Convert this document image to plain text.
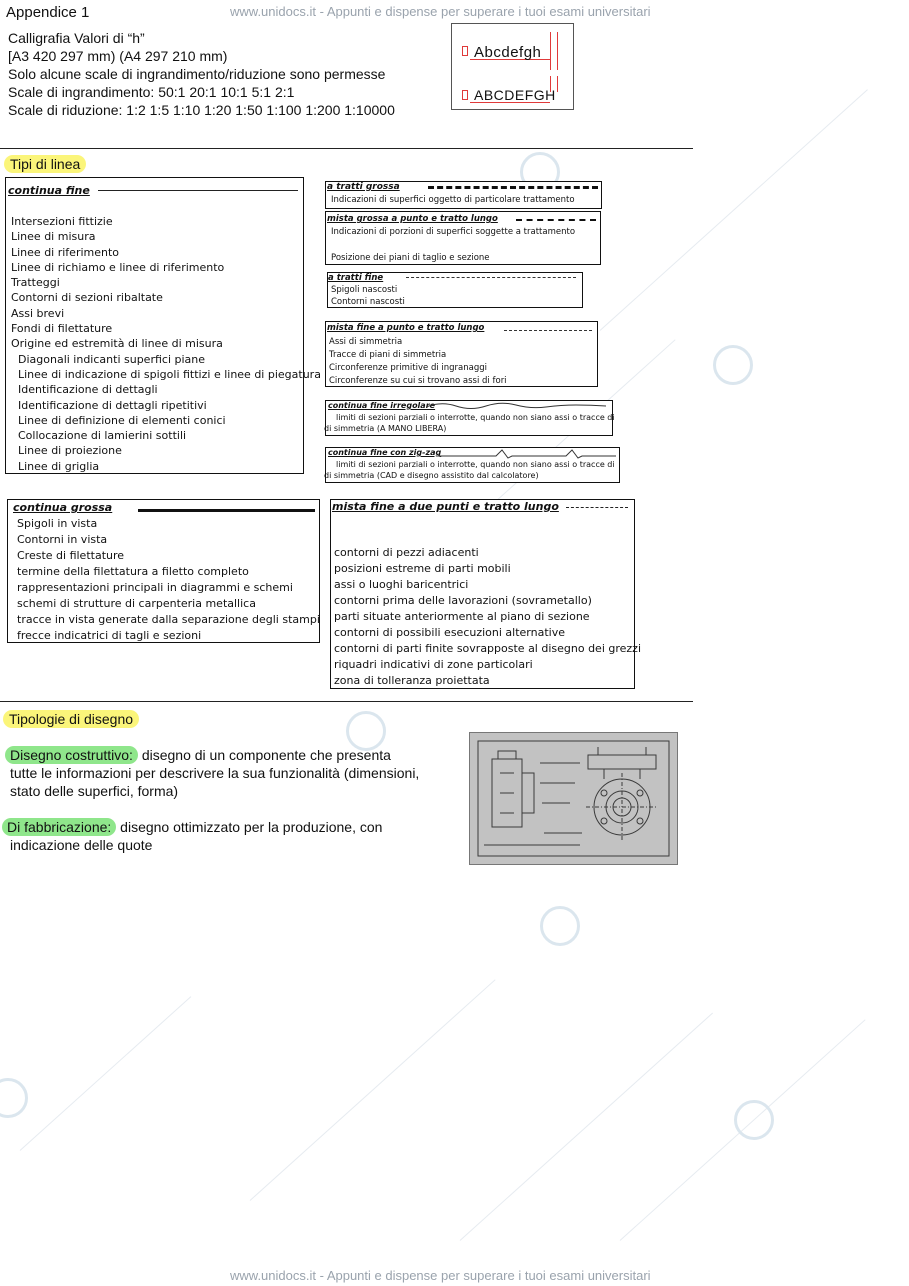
www.unidocs.it - Appunti e dispense per superare i tuoi esami universitari
www.unidocs.it - Appunti e dispense per superare i tuoi esami universitari
Appendice 1
Calligrafia Valori di “h”
[A3 420 297 mm) (A4 297 210 mm)
Solo alcune scale di ingrandimento/riduzione sono permesse
Scale di ingrandimento: 50:1 20:1 10:1 5:1 2:1
Scale di riduzione: 1:2 1:5 1:10 1:20 1:50 1:100 1:200 1:10000
Abcdefgh
ABCDEFGH
Tipi di linea
continua fine
Intersezioni fittizie
Linee di misura
Linee di riferimento
Linee di richiamo e linee di riferimento
Tratteggi
Contorni di sezioni ribaltate
Assi brevi
Fondi di filettature
Origine ed estremità di linee di misura
Diagonali indicanti superfici piane
Linee di indicazione di spigoli fittizi e linee di piegatura
Identificazione di dettagli
Identificazione di dettagli ripetitivi
Linee di definizione di elementi conici
Collocazione di lamierini sottili
Linee di proiezione
Linee di griglia
a tratti grossa
Indicazioni di superfici oggetto di particolare trattamento
mista grossa a punto e tratto lungo
Indicazioni di porzioni di superfici soggette a trattamento
Posizione dei piani di taglio e sezione
a tratti fine
Spigoli nascosti
Contorni nascosti
mista fine a punto e tratto lungo
Assi di simmetria
Tracce di piani di simmetria
Circonferenze primitive di ingranaggi
Circonferenze su cui si trovano assi di fori
continua fine irregolare
limiti di sezioni parziali o interrotte, quando non siano assi o tracce di
di simmetria (A MANO LIBERA)
continua fine con zig-zag
limiti di sezioni parziali o interrotte, quando non siano assi o tracce di
di simmetria (CAD e disegno assistito dal calcolatore)
continua grossa
Spigoli in vista
Contorni in vista
Creste di filettature
termine della filettatura a filetto completo
rappresentazioni principali in diagrammi e schemi
schemi di strutture di carpenteria metallica
tracce in vista generate dalla separazione degli stampi
frecce indicatrici di tagli e sezioni
mista fine a due punti e tratto lungo
contorni di pezzi adiacenti
posizioni estreme di parti mobili
assi o luoghi baricentrici
contorni prima delle lavorazioni (sovrametallo)
parti situate anteriormente al piano di sezione
contorni di possibili esecuzioni alternative
contorni di parti finite sovrapposte al disegno dei grezzi
riquadri indicativi di zone particolari
zona di tolleranza proiettata
Tipologie di disegno
Disegno costruttivo: disegno di un componente che presenta
tutte le informazioni per descrivere la sua funzionalità (dimensioni,
stato delle superfici, forma)
Di fabbricazione: disegno ottimizzato per la produzione, con
indicazione delle quote
